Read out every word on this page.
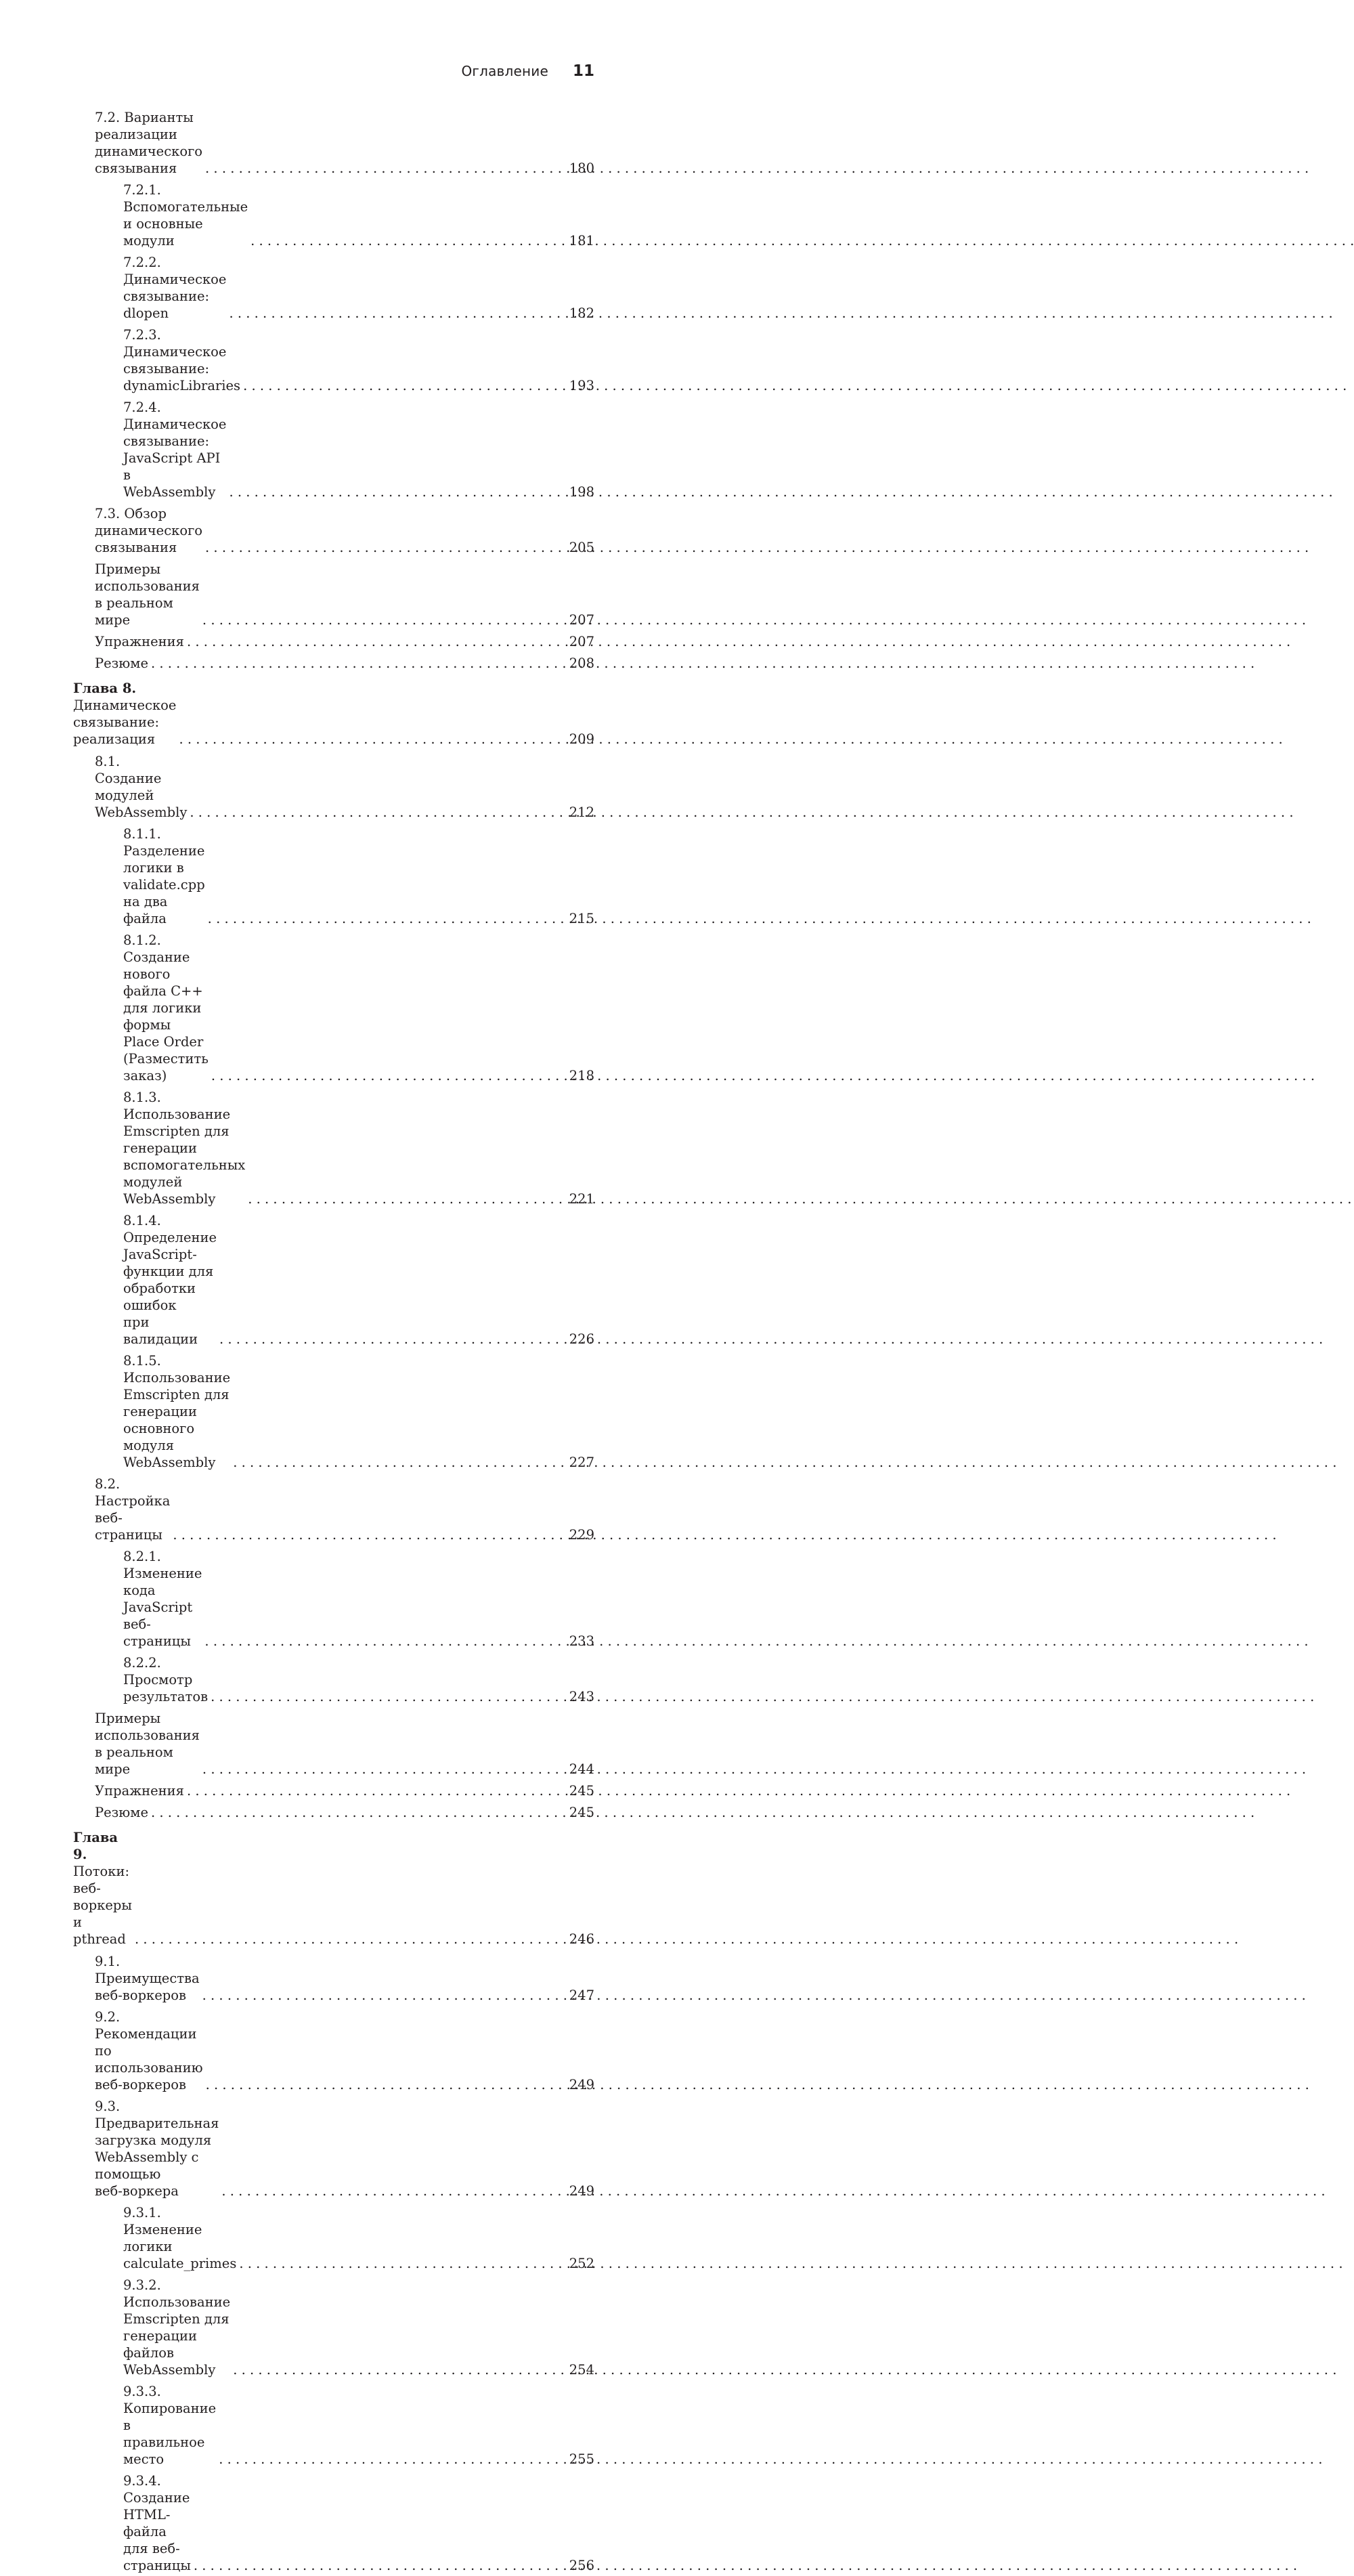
Оглавление 11
7.2. Варианты реализации динамического связывания . . .	180
7.2.1. Вспомогательные и основные модули . . .	181
7.2.2. Динамическое связывание: dlopen . . .	182
7.2.3. Динамическое связывание: dynamicLibraries . . .	193
7.2.4. Динамическое связывание: JavaScript API в WebAssembly . . .	198
7.3. Обзор динамического связывания . . .	205
Примеры использования в реальном мире . . .	207
Упражнения . . .	207
Резюме . . .	208
Глава 8. Динамическое связывание: реализация . . .	209
8.1. Создание модулей WebAssembly . . .	212
8.1.1. Разделение логики в validate.cpp на два файла . . .	215
8.1.2. Создание нового файла C++ для логики
формы Place Order (Разместить заказ) . . .	218
8.1.3. Использование Emscripten для генерации
вспомогательных модулей WebAssembly . . .	221
8.1.4. Определение JavaScript-функции для обработки ошибок
при валидации . . .	226
8.1.5. Использование Emscripten для генерации основного
модуля WebAssembly . . .	227
8.2. Настройка веб-страницы . . .	229
8.2.1. Изменение кода JavaScript веб-страницы . . .	233
8.2.2. Просмотр результатов . . .	243
Примеры использования в реальном мире . . .	244
Упражнения . . .	245
Резюме . . .	245
Глава 9. Потоки: веб-воркеры и pthread . . .	246
9.1. Преимущества веб-воркеров . . .	247
9.2. Рекомендации по использованию веб-воркеров . . .	249
9.3. Предварительная загрузка модуля WebAssembly с помощью
веб-воркера . . .	249
9.3.1. Изменение логики calculate_primes . . .	252
9.3.2. Использование Emscripten для генерации файлов
WebAssembly . . .	254
9.3.3. Копирование в правильное место . . .	255
9.3.4. Создание HTML-файла для веб-страницы . . .	256
